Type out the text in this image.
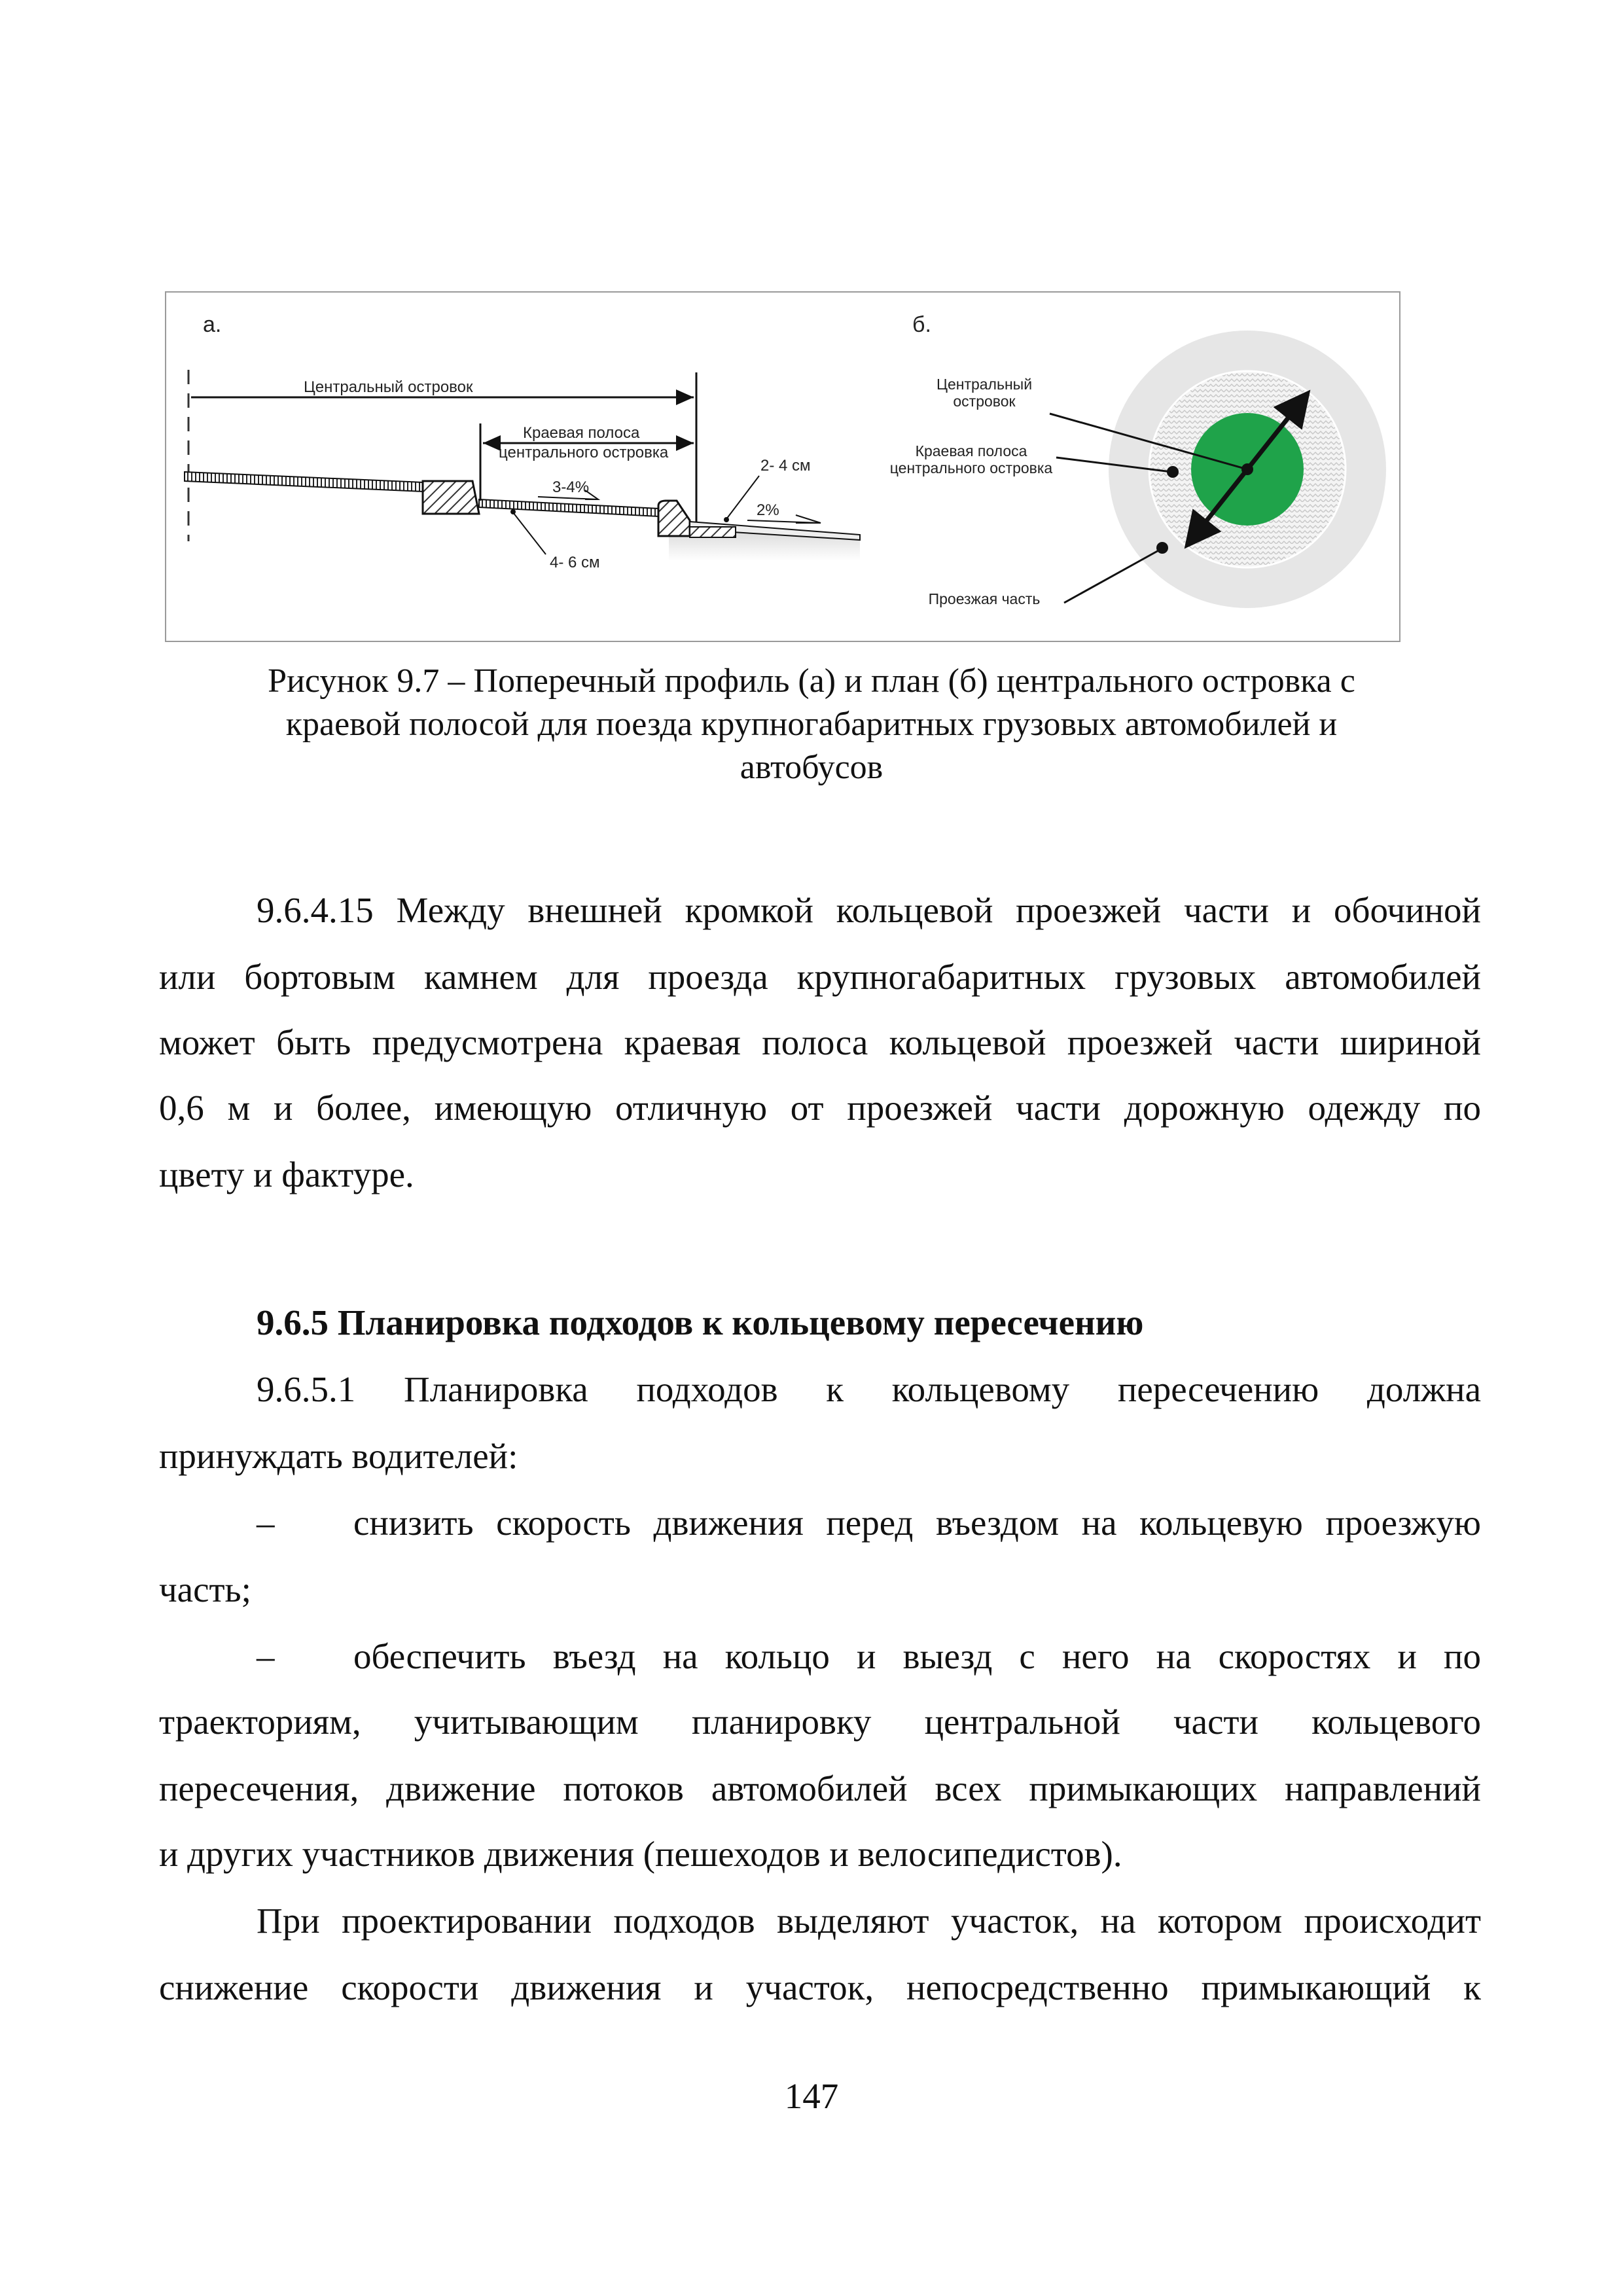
а.	б.
Центральный островок
Краевая полоса
центрального островка
3-4%
2- 4 см
2%
4- 6 см
Центральный
островок
Краевая полоса
центрального островка
Проезжая часть
Рисунок 9.7 – Поперечный профиль (а) и план (б) центрального островка с
краевой полосой для поезда крупногабаритных грузовых автомобилей и
автобусов
9.6.4.15 Между внешней кромкой кольцевой проезжей части и обочиной
или бортовым камнем для проезда крупногабаритных грузовых автомобилей
может быть предусмотрена краевая полоса кольцевой проезжей части шириной
0,6 м и более, имеющую отличную от проезжей части дорожную одежду по
цвету и фактуре.
9.6.5 Планировка подходов к кольцевому пересечению
9.6.5.1 Планировка подходов к кольцевому пересечению должна
принуждать водителей:
– снизить скорость движения перед въездом на кольцевую проезжую
часть;
– обеспечить въезд на кольцо и выезд с него на скоростях и по
траекториям, учитывающим планировку центральной части кольцевого
пересечения, движение потоков автомобилей всех примыкающих направлений
и других участников движения (пешеходов и велосипедистов).
При проектировании подходов выделяют участок, на котором происходит
снижение скорости движения и участок, непосредственно примыкающий к
147
